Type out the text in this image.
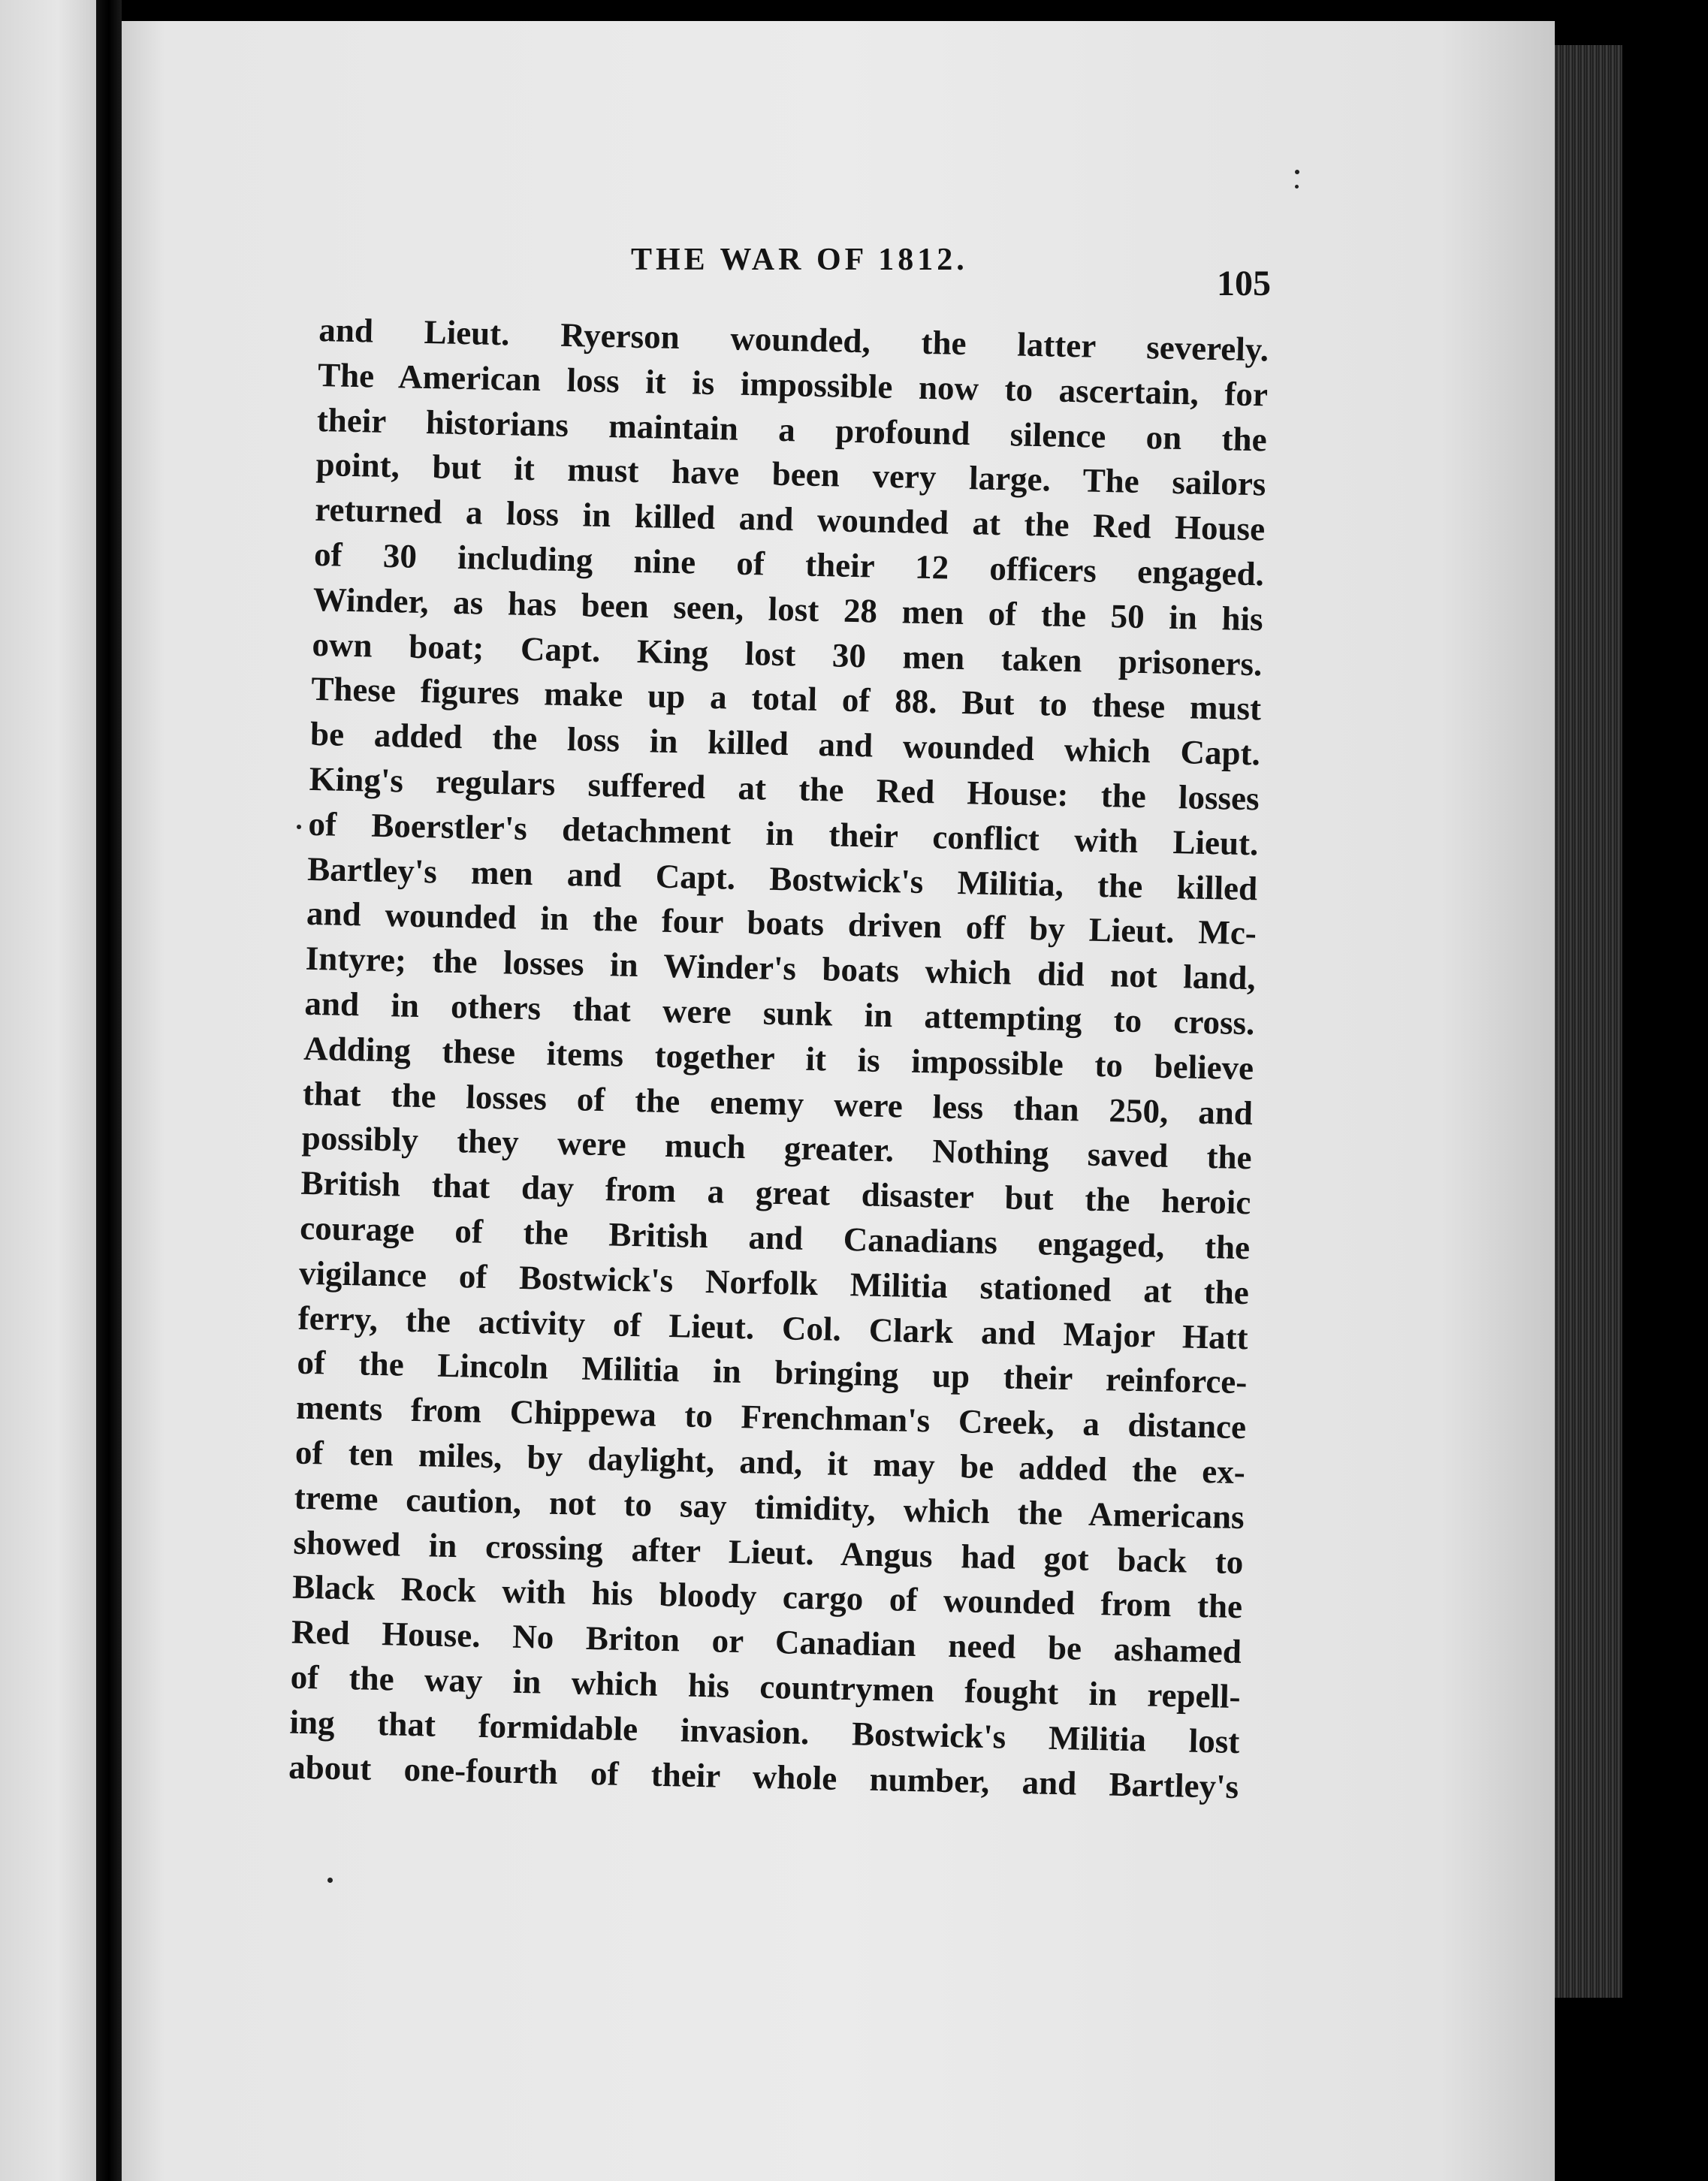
THE WAR OF 1812.
105
and Lieut. Ryerson wounded, the latter severely.
The American loss it is impossible now to ascertain, for
their historians maintain a profound silence on the
point, but it must have been very large. The sailors
returned a loss in killed and wounded at the Red House
of 30 including nine of their 12 officers engaged.
Winder, as has been seen, lost 28 men of the 50 in his
own boat; Capt. King lost 30 men taken prisoners.
These figures make up a total of 88. But to these must
be added the loss in killed and wounded which Capt.
King's regulars suffered at the Red House: the losses
of Boerstler's detachment in their conflict with Lieut.
Bartley's men and Capt. Bostwick's Militia, the killed
and wounded in the four boats driven off by Lieut. Mc-
Intyre; the losses in Winder's boats which did not land,
and in others that were sunk in attempting to cross.
Adding these items together it is impossible to believe
that the losses of the enemy were less than 250, and
possibly they were much greater. Nothing saved the
British that day from a great disaster but the heroic
courage of the British and Canadians engaged, the
vigilance of Bostwick's Norfolk Militia stationed at the
ferry, the activity of Lieut. Col. Clark and Major Hatt
of the Lincoln Militia in bringing up their reinforce-
ments from Chippewa to Frenchman's Creek, a distance
of ten miles, by daylight, and, it may be added the ex-
treme caution, not to say timidity, which the Americans
showed in crossing after Lieut. Angus had got back to
Black Rock with his bloody cargo of wounded from the
Red House. No Briton or Canadian need be ashamed
of the way in which his countrymen fought in repell-
ing that formidable invasion. Bostwick's Militia lost
about one-fourth of their whole number, and Bartley's
